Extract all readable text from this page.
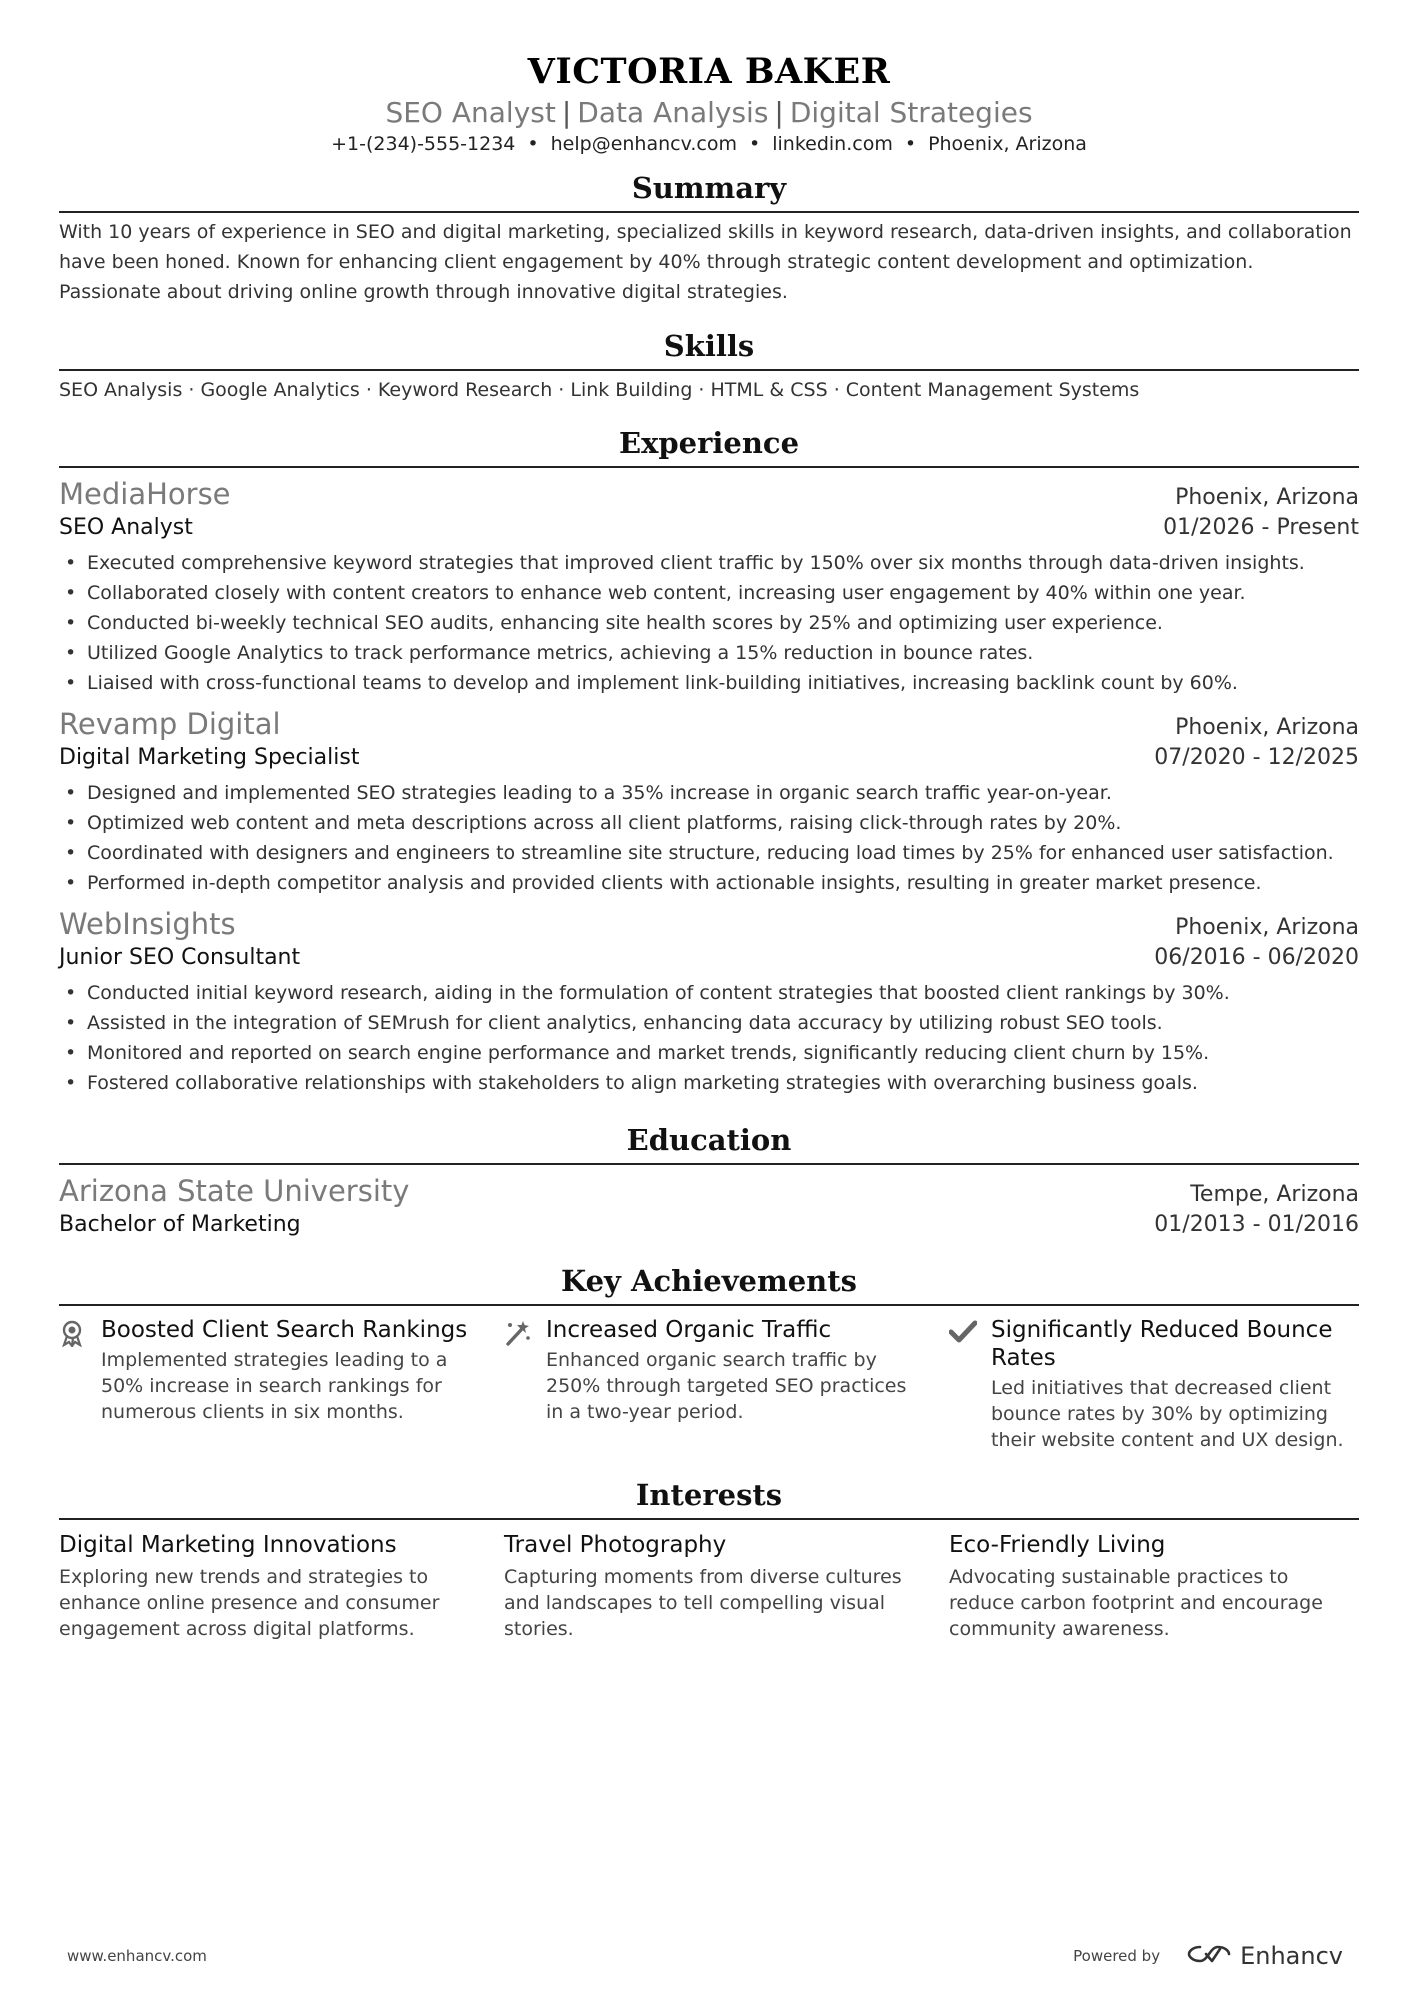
VICTORIA BAKER
SEO Analyst | Data Analysis | Digital Strategies
+1-(234)-555-1234 • help@enhancv.com • linkedin.com • Phoenix, Arizona
Summary
With 10 years of experience in SEO and digital marketing, specialized skills in keyword research, data-driven insights, and collaboration have been honed. Known for enhancing client engagement by 40% through strategic content development and optimization. Passionate about driving online growth through innovative digital strategies.
Skills
SEO Analysis · Google Analytics · Keyword Research · Link Building · HTML & CSS · Content Management Systems
Experience
MediaHorse	Phoenix, Arizona
SEO Analyst	01/2026 - Present
• Executed comprehensive keyword strategies that improved client traffic by 150% over six months through data-driven insights.
• Collaborated closely with content creators to enhance web content, increasing user engagement by 40% within one year.
• Conducted bi-weekly technical SEO audits, enhancing site health scores by 25% and optimizing user experience.
• Utilized Google Analytics to track performance metrics, achieving a 15% reduction in bounce rates.
• Liaised with cross-functional teams to develop and implement link-building initiatives, increasing backlink count by 60%.
Revamp Digital	Phoenix, Arizona
Digital Marketing Specialist	07/2020 - 12/2025
• Designed and implemented SEO strategies leading to a 35% increase in organic search traffic year-on-year.
• Optimized web content and meta descriptions across all client platforms, raising click-through rates by 20%.
• Coordinated with designers and engineers to streamline site structure, reducing load times by 25% for enhanced user satisfaction.
• Performed in-depth competitor analysis and provided clients with actionable insights, resulting in greater market presence.
WebInsights	Phoenix, Arizona
Junior SEO Consultant	06/2016 - 06/2020
• Conducted initial keyword research, aiding in the formulation of content strategies that boosted client rankings by 30%.
• Assisted in the integration of SEMrush for client analytics, enhancing data accuracy by utilizing robust SEO tools.
• Monitored and reported on search engine performance and market trends, significantly reducing client churn by 15%.
• Fostered collaborative relationships with stakeholders to align marketing strategies with overarching business goals.
Education
Arizona State University	Tempe, Arizona
Bachelor of Marketing	01/2013 - 01/2016
Key Achievements
Boosted Client Search Rankings
Implemented strategies leading to a 50% increase in search rankings for numerous clients in six months.
Increased Organic Traffic
Enhanced organic search traffic by 250% through targeted SEO practices in a two-year period.
Significantly Reduced Bounce Rates
Led initiatives that decreased client bounce rates by 30% by optimizing their website content and UX design.
Interests
Digital Marketing Innovations
Exploring new trends and strategies to enhance online presence and consumer engagement across digital platforms.
Travel Photography
Capturing moments from diverse cultures and landscapes to tell compelling visual stories.
Eco-Friendly Living
Advocating sustainable practices to reduce carbon footprint and encourage community awareness.
www.enhancv.com	Powered by	Enhancv
